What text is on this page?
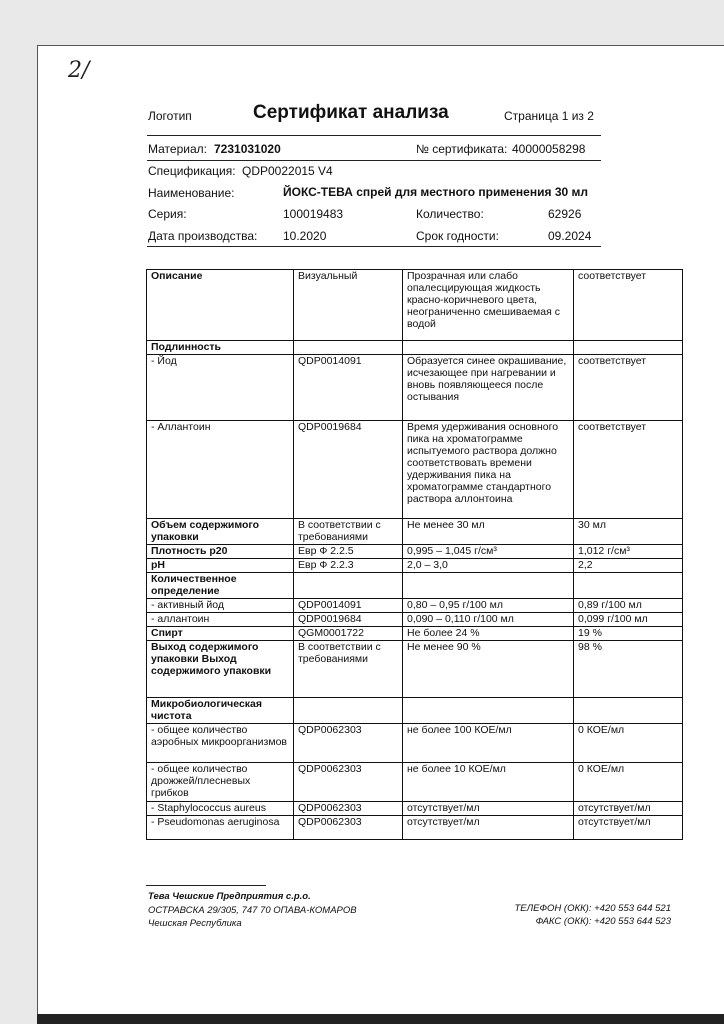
2/
Логотип	Сертификат анализа	Страница 1 из 2
Материал: 7231031020	№ сертификата: 40000058298
Спецификация: QDP0022015 V4
Наименование:	ЙОКС-ТЕВА спрей для местного применения 30 мл
Серия:	100019483	Количество:	62926
Дата производства: 10.2020	Срок годности:	09.2024
Описание	Визуальный	Прозрачная или слабо опалесцирующая жидкость красно-коричневого цвета, неограниченно смешиваемая с водой	соответствует
Подлинность			
- Йод	QDP0014091	Образуется синее окрашивание, исчезающее при нагревании и вновь появляющееся после остывания	соответствует
- Аллантоин	QDP0019684	Время удерживания основного пика на хроматограмме испытуемого раствора должно соответствовать времени удерживания пика на хроматограмме стандартного раствора аллонтоина	соответствует
Объем содержимого упаковки	В соответствии с требованиями	Не менее 30 мл	30 мл
Плотность р20	Евр Ф 2.2.5	0,995 – 1,045 г/см³	1,012 г/см³
pH	Евр Ф 2.2.3	2,0 – 3,0	2,2
Количественное определение			
- активный йод	QDP0014091	0,80 – 0,95 г/100 мл	0,89 г/100 мл
- аллантоин	QDP0019684	0,090 – 0,110 г/100 мл	0,099 г/100 мл
Спирт	QGM0001722	Не более 24 %	19 %
Выход содержимого упаковки Выход содержимого упаковки	В соответствии с требованиями	Не менее 90 %	98 %
Микробиологическая чистота			
- общее количество аэробных микроорганизмов	QDP0062303	не более 100 КОЕ/мл	0 КОЕ/мл
- общее количество дрожжей/плесневых грибков	QDP0062303	не более 10 КОЕ/мл	0 КОЕ/мл
- Staphylococcus aureus	QDP0062303	отсутствует/мл	отсутствует/мл
- Pseudomonas aeruginosa	QDP0062303	отсутствует/мл	отсутствует/мл
Тева Чешские Предприятия с.р.о.
ОСТРАВСКА 29/305, 747 70 ОПАВА-КОМАРОВ
Чешская Республика
ТЕЛЕФОН (ОКК): +420 553 644 521
ФАКС (ОКК): +420 553 644 523
